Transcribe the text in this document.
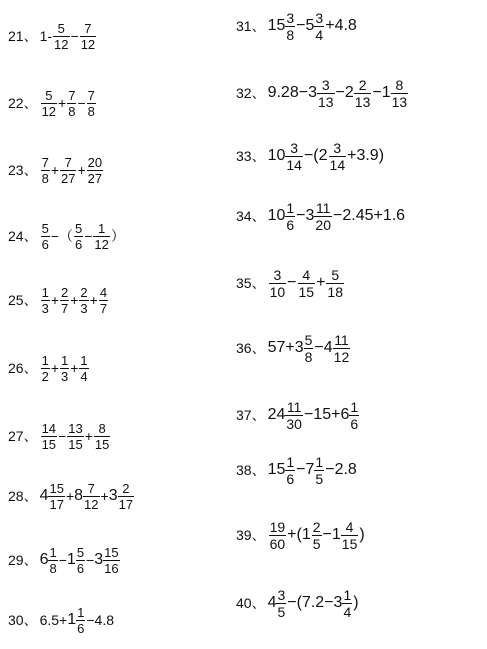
21、 $1- \frac{5}{12} - \frac{7}{12}$
22、 $\frac{5}{12} + \frac{7}{8} - \frac{7}{8}$
23、 $\frac{7}{8} + \frac{7}{27} + \frac{20}{27}$
24、 $\frac{5}{6}$ −（ $\frac{5}{6} - \frac{1}{12}$ ）
25、 $\frac{1}{3} + \frac{2}{7} + \frac{2}{3} + \frac{4}{7}$
26、 $\frac{1}{2} + \frac{1}{3} + \frac{1}{4}$
27、 $\frac{14}{15} - \frac{13}{15} + \frac{8}{15}$
28、 $4 \frac{15}{17} + 8 \frac{7}{12} + 3 \frac{2}{17}$
29、 $6 \frac{1}{8} - 1 \frac{5}{6} - 3 \frac{15}{16}$
30、 $6.5+ 1 \frac{1}{6} -4.8$
31、 $15 \frac{3}{8} - 5 \frac{3}{4} +4.8$
32、 $9.28- 3 \frac{3}{13} - 2 \frac{2}{13} - 1 \frac{8}{13}$
33、 $10 \frac{3}{14} -(2 \frac{3}{14} +3.9)$
34、 $10 \frac{1}{6} - 3 \frac{11}{20} -2.45+1.6$
35、 $\frac{3}{10} - \frac{4}{15} + \frac{5}{18}$
36、 $57+ 3 \frac{5}{8} - 4 \frac{11}{12}$
37、 $24 \frac{11}{30} -15+ 6 \frac{1}{6}$
38、 $15 \frac{1}{6} - 7 \frac{1}{5} -2.8$
39、 $\frac{19}{60} +(1 \frac{2}{5} - 1 \frac{4}{15}$ )
40、 $4 \frac{3}{5} -(7.2- 3 \frac{1}{4}$ )
